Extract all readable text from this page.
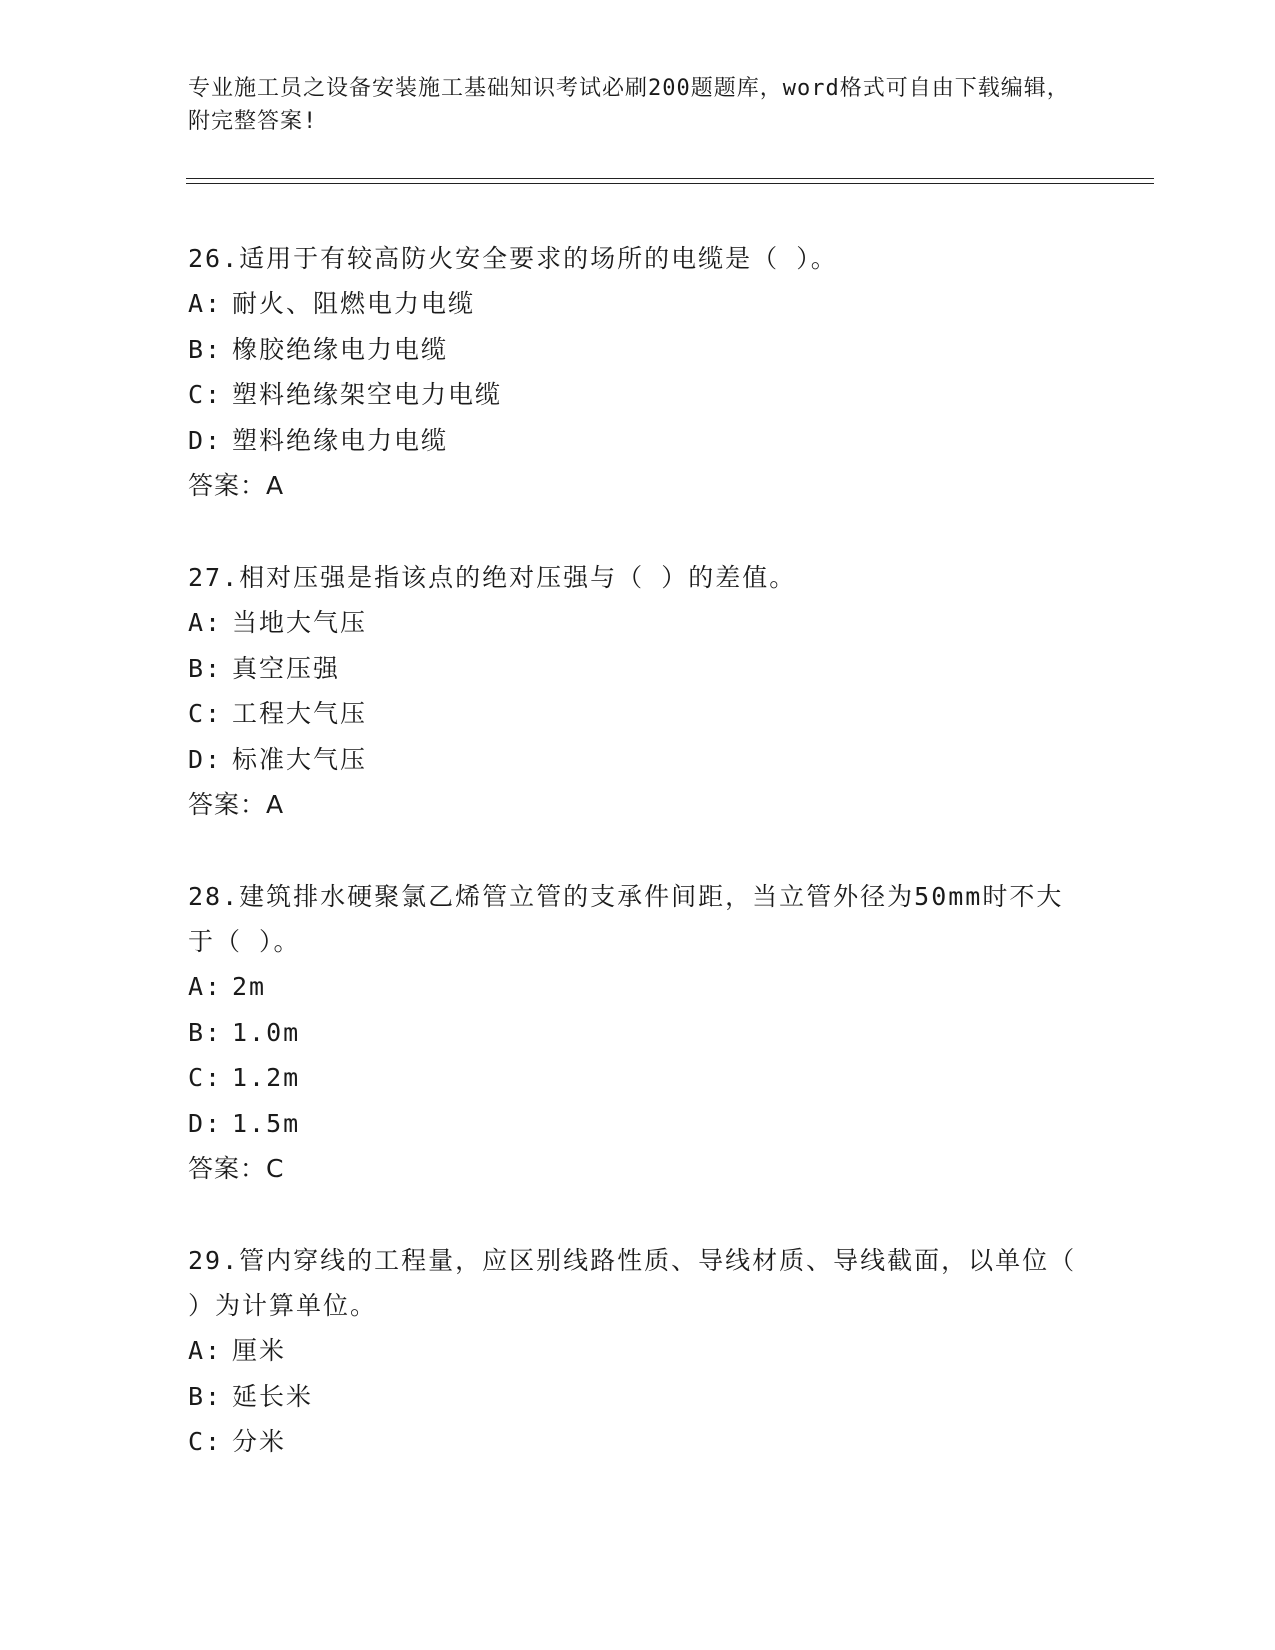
专业施工员之设备安装施工基础知识考试必刷200题题库，word格式可自由下载编辑，附完整答案!
26.适用于有较高防火安全要求的场所的电缆是（ ）。
A: 耐火、阻燃电力电缆
B: 橡胶绝缘电力电缆
C: 塑料绝缘架空电力电缆
D: 塑料绝缘电力电缆
答案：A
27.相对压强是指该点的绝对压强与（ ）的差值。
A: 当地大气压
B: 真空压强
C: 工程大气压
D: 标准大气压
答案：A
28.建筑排水硬聚氯乙烯管立管的支承件间距，当立管外径为50mm时不大于（ ）。
A: 2m
B: 1.0m
C: 1.2m
D: 1.5m
答案：C
29.管内穿线的工程量，应区别线路性质、导线材质、导线截面，以单位（ ）为计算单位。
A: 厘米
B: 延长米
C: 分米
